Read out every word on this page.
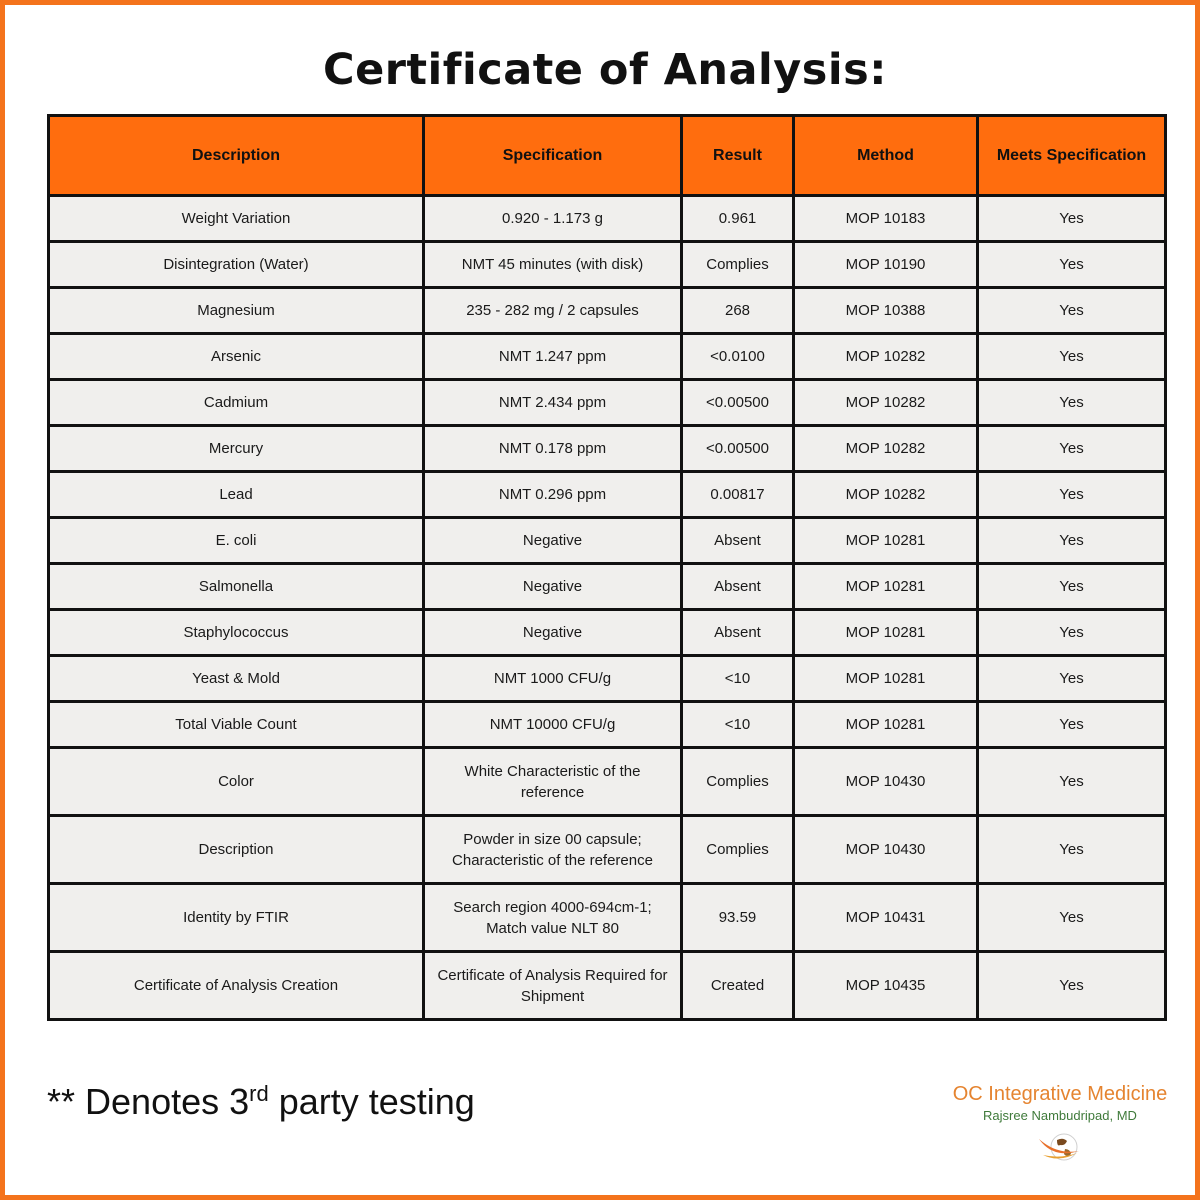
Certificate of Analysis:
Description	Specification	Result	Method	Meets Specification
Weight Variation	0.920 - 1.173 g	0.961	MOP 10183	Yes
Disintegration (Water)	NMT 45 minutes (with disk)	Complies	MOP 10190	Yes
Magnesium	235 - 282 mg / 2 capsules	268	MOP 10388	Yes
Arsenic	NMT 1.247 ppm	<0.0100	MOP 10282	Yes
Cadmium	NMT 2.434 ppm	<0.00500	MOP 10282	Yes
Mercury	NMT 0.178 ppm	<0.00500	MOP 10282	Yes
Lead	NMT 0.296 ppm	0.00817	MOP 10282	Yes
E. coli	Negative	Absent	MOP 10281	Yes
Salmonella	Negative	Absent	MOP 10281	Yes
Staphylococcus	Negative	Absent	MOP 10281	Yes
Yeast & Mold	NMT 1000 CFU/g	<10	MOP 10281	Yes
Total Viable Count	NMT 10000 CFU/g	<10	MOP 10281	Yes
Color	White Characteristic of the reference	Complies	MOP 10430	Yes
Description	Powder in size 00 capsule; Characteristic of the reference	Complies	MOP 10430	Yes
Identity by FTIR	Search region 4000-694cm-1; Match value NLT 80	93.59	MOP 10431	Yes
Certificate of Analysis Creation	Certificate of Analysis Required for Shipment	Created	MOP 10435	Yes
** Denotes 3rd party testing	OC Integrative Medicine
Rajsree Nambudripad, MD
